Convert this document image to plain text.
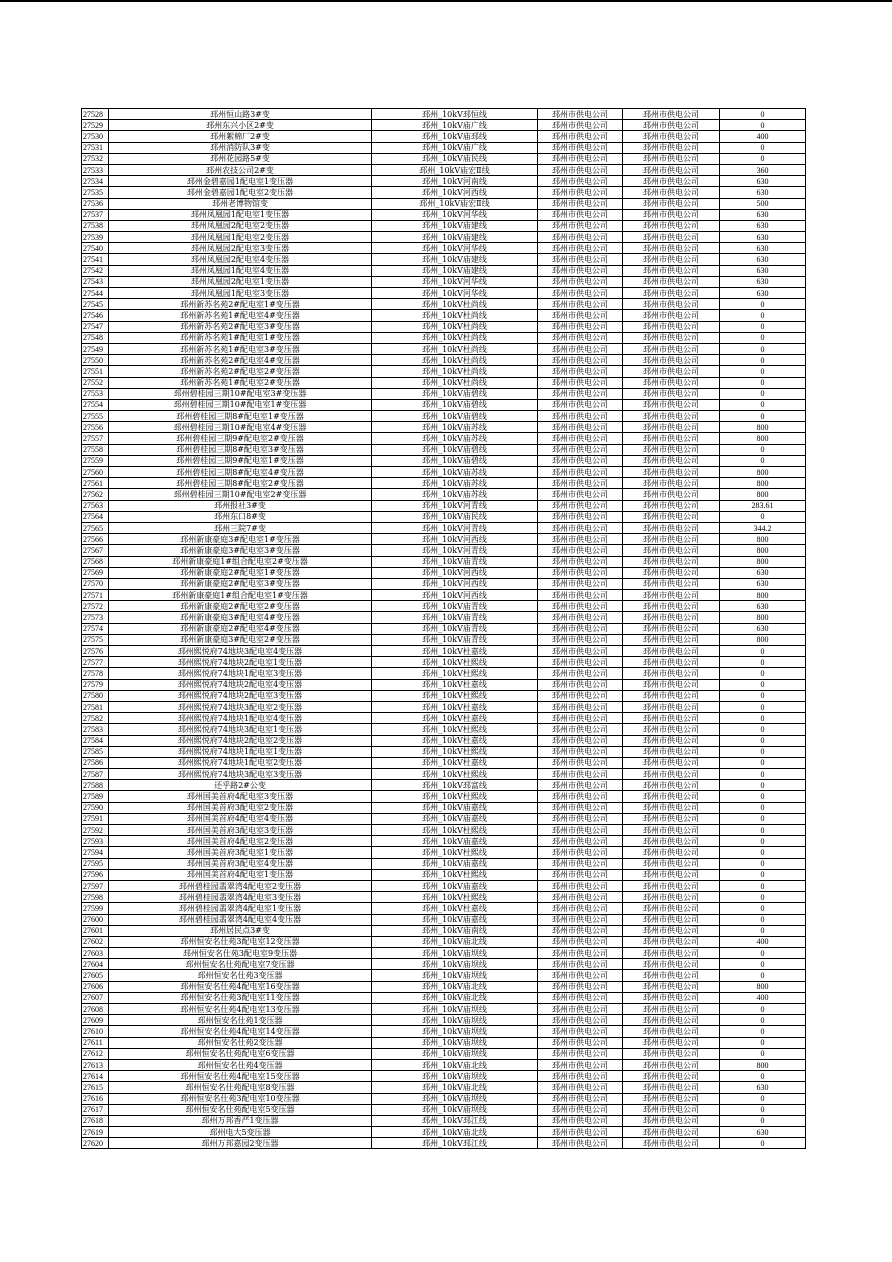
27528	邳州恒山路3#变	邳州_10kV邳恒线	邳州市供电公司	邳州市供电公司	0
27529	邳州东兴小区2#变	邳州_10kV庙广线	邳州市供电公司	邳州市供电公司	0
27530	邳州絮棉厂2#变	邳州_10kV庙邳线	邳州市供电公司	邳州市供电公司	400
27531	邳州消防队3#变	邳州_10kV庙广线	邳州市供电公司	邳州市供电公司	0
27532	邳州花园路5#变	邳州_10kV庙民线	邳州市供电公司	邳州市供电公司	0
27533	邳州农技公司2#变	邳州_10kV庙宏Ⅱ线	邳州市供电公司	邳州市供电公司	360
27534	邳州金碧嘉园1配电室1变压器	邳州_10kV河南线	邳州市供电公司	邳州市供电公司	630
27535	邳州金碧嘉园1配电室2变压器	邳州_10kV河西线	邳州市供电公司	邳州市供电公司	630
27536	邳州老博物馆变	邳州_10kV庙宏Ⅱ线	邳州市供电公司	邳州市供电公司	500
27537	邳州凤凰园1配电室1变压器	邳州_10kV河华线	邳州市供电公司	邳州市供电公司	630
27538	邳州凤凰园2配电室2变压器	邳州_10kV庙建线	邳州市供电公司	邳州市供电公司	630
27539	邳州凤凰园1配电室2变压器	邳州_10kV庙建线	邳州市供电公司	邳州市供电公司	630
27540	邳州凤凰园2配电室3变压器	邳州_10kV河华线	邳州市供电公司	邳州市供电公司	630
27541	邳州凤凰园2配电室4变压器	邳州_10kV庙建线	邳州市供电公司	邳州市供电公司	630
27542	邳州凤凰园1配电室4变压器	邳州_10kV庙建线	邳州市供电公司	邳州市供电公司	630
27543	邳州凤凰园2配电室1变压器	邳州_10kV河华线	邳州市供电公司	邳州市供电公司	630
27544	邳州凤凰园1配电室3变压器	邳州_10kV河华线	邳州市供电公司	邳州市供电公司	630
27545	邳州新苏名苑2#配电室1#变压器	邳州_10kV杜尚线	邳州市供电公司	邳州市供电公司	0
27546	邳州新苏名苑1#配电室4#变压器	邳州_10kV杜尚线	邳州市供电公司	邳州市供电公司	0
27547	邳州新苏名苑2#配电室3#变压器	邳州_10kV杜尚线	邳州市供电公司	邳州市供电公司	0
27548	邳州新苏名苑1#配电室1#变压器	邳州_10kV杜尚线	邳州市供电公司	邳州市供电公司	0
27549	邳州新苏名苑1#配电室3#变压器	邳州_10kV杜尚线	邳州市供电公司	邳州市供电公司	0
27550	邳州新苏名苑2#配电室4#变压器	邳州_10kV杜尚线	邳州市供电公司	邳州市供电公司	0
27551	邳州新苏名苑2#配电室2#变压器	邳州_10kV杜尚线	邳州市供电公司	邳州市供电公司	0
27552	邳州新苏名苑1#配电室2#变压器	邳州_10kV杜尚线	邳州市供电公司	邳州市供电公司	0
27553	邳州碧桂园三期10#配电室3#变压器	邳州_10kV庙碧线	邳州市供电公司	邳州市供电公司	0
27554	邳州碧桂园三期10#配电室1#变压器	邳州_10kV庙碧线	邳州市供电公司	邳州市供电公司	0
27555	邳州碧桂园三期8#配电室1#变压器	邳州_10kV庙碧线	邳州市供电公司	邳州市供电公司	0
27556	邳州碧桂园三期10#配电室4#变压器	邳州_10kV庙苏线	邳州市供电公司	邳州市供电公司	800
27557	邳州碧桂园三期9#配电室2#变压器	邳州_10kV庙苏线	邳州市供电公司	邳州市供电公司	800
27558	邳州碧桂园三期8#配电室3#变压器	邳州_10kV庙碧线	邳州市供电公司	邳州市供电公司	0
27559	邳州碧桂园三期9#配电室1#变压器	邳州_10kV庙碧线	邳州市供电公司	邳州市供电公司	0
27560	邳州碧桂园三期8#配电室4#变压器	邳州_10kV庙苏线	邳州市供电公司	邳州市供电公司	800
27561	邳州碧桂园三期8#配电室2#变压器	邳州_10kV庙苏线	邳州市供电公司	邳州市供电公司	800
27562	邳州碧桂园三期10#配电室2#变压器	邳州_10kV庙苏线	邳州市供电公司	邳州市供电公司	800
27563	邳州报社3#变	邳州_10kV河青线	邳州市供电公司	邳州市供电公司	283.61
27564	邳州东口8#变	邳州_10kV庙民线	邳州市供电公司	邳州市供电公司	0
27565	邳州三院7#变	邳州_10kV河青线	邳州市供电公司	邳州市供电公司	344.2
27566	邳州新康豪庭3#配电室1#变压器	邳州_10kV河西线	邳州市供电公司	邳州市供电公司	800
27567	邳州新康豪庭3#配电室3#变压器	邳州_10kV河青线	邳州市供电公司	邳州市供电公司	800
27568	邳州新康豪庭1#组合配电室2#变压器	邳州_10kV庙青线	邳州市供电公司	邳州市供电公司	800
27569	邳州新康豪庭2#配电室1#变压器	邳州_10kV河西线	邳州市供电公司	邳州市供电公司	630
27570	邳州新康豪庭2#配电室3#变压器	邳州_10kV河西线	邳州市供电公司	邳州市供电公司	630
27571	邳州新康豪庭1#组合配电室1#变压器	邳州_10kV河西线	邳州市供电公司	邳州市供电公司	800
27572	邳州新康豪庭2#配电室2#变压器	邳州_10kV庙青线	邳州市供电公司	邳州市供电公司	630
27573	邳州新康豪庭3#配电室4#变压器	邳州_10kV庙青线	邳州市供电公司	邳州市供电公司	800
27574	邳州新康豪庭2#配电室4#变压器	邳州_10kV庙青线	邳州市供电公司	邳州市供电公司	630
27575	邳州新康豪庭3#配电室2#变压器	邳州_10kV庙青线	邳州市供电公司	邳州市供电公司	800
27576	邳州熙悦府74地块3配电室4变压器	邳州_10kV杜嘉线	邳州市供电公司	邳州市供电公司	0
27577	邳州熙悦府74地块2配电室1变压器	邳州_10kV杜熙线	邳州市供电公司	邳州市供电公司	0
27578	邳州熙悦府74地块1配电室3变压器	邳州_10kV杜熙线	邳州市供电公司	邳州市供电公司	0
27579	邳州熙悦府74地块2配电室4变压器	邳州_10kV杜嘉线	邳州市供电公司	邳州市供电公司	0
27580	邳州熙悦府74地块2配电室3变压器	邳州_10kV杜熙线	邳州市供电公司	邳州市供电公司	0
27581	邳州熙悦府74地块3配电室2变压器	邳州_10kV杜嘉线	邳州市供电公司	邳州市供电公司	0
27582	邳州熙悦府74地块1配电室4变压器	邳州_10kV杜嘉线	邳州市供电公司	邳州市供电公司	0
27583	邳州熙悦府74地块3配电室1变压器	邳州_10kV杜熙线	邳州市供电公司	邳州市供电公司	0
27584	邳州熙悦府74地块2配电室2变压器	邳州_10kV杜嘉线	邳州市供电公司	邳州市供电公司	0
27585	邳州熙悦府74地块1配电室1变压器	邳州_10kV杜熙线	邳州市供电公司	邳州市供电公司	0
27586	邳州熙悦府74地块1配电室2变压器	邳州_10kV杜嘉线	邳州市供电公司	邳州市供电公司	0
27587	邳州熙悦府74地块3配电室3变压器	邳州_10kV杜熙线	邳州市供电公司	邳州市供电公司	0
27588	还乎路2#公变	邳州_10kV邳富线	邳州市供电公司	邳州市供电公司	0
27589	邳州国美首府4配电室3变压器	邳州_10kV杜熙线	邳州市供电公司	邳州市供电公司	0
27590	邳州国美首府3配电室2变压器	邳州_10kV庙嘉线	邳州市供电公司	邳州市供电公司	0
27591	邳州国美首府4配电室4变压器	邳州_10kV庙嘉线	邳州市供电公司	邳州市供电公司	0
27592	邳州国美首府3配电室3变压器	邳州_10kV杜熙线	邳州市供电公司	邳州市供电公司	0
27593	邳州国美首府4配电室2变压器	邳州_10kV庙嘉线	邳州市供电公司	邳州市供电公司	0
27594	邳州国美首府3配电室1变压器	邳州_10kV杜熙线	邳州市供电公司	邳州市供电公司	0
27595	邳州国美首府3配电室4变压器	邳州_10kV庙嘉线	邳州市供电公司	邳州市供电公司	0
27596	邳州国美首府4配电室1变压器	邳州_10kV杜熙线	邳州市供电公司	邳州市供电公司	0
27597	邳州碧桂园翡翠湾4配电室2变压器	邳州_10kV庙嘉线	邳州市供电公司	邳州市供电公司	0
27598	邳州碧桂园翡翠湾4配电室3变压器	邳州_10kV杜熙线	邳州市供电公司	邳州市供电公司	0
27599	邳州碧桂园翡翠湾4配电室1变压器	邳州_10kV杜嘉线	邳州市供电公司	邳州市供电公司	0
27600	邳州碧桂园翡翠湾4配电室4变压器	邳州_10kV庙嘉线	邳州市供电公司	邳州市供电公司	0
27601	邳州居民点3#变	邳州_10kV庙南线	邳州市供电公司	邳州市供电公司	0
27602	邳州恒安名仕苑3配电室12变压器	邳州_10kV庙北线	邳州市供电公司	邳州市供电公司	400
27603	邳州恒安名仕苑3配电室9变压器	邳州_10kV庙坝线	邳州市供电公司	邳州市供电公司	0
27604	邳州恒安名仕苑配电室7变压器	邳州_10kV庙坝线	邳州市供电公司	邳州市供电公司	0
27605	邳州恒安名仕苑3变压器	邳州_10kV庙坝线	邳州市供电公司	邳州市供电公司	0
27606	邳州恒安名仕苑4配电室16变压器	邳州_10kV庙北线	邳州市供电公司	邳州市供电公司	800
27607	邳州恒安名仕苑3配电室11变压器	邳州_10kV庙北线	邳州市供电公司	邳州市供电公司	400
27608	邳州恒安名仕苑4配电室13变压器	邳州_10kV庙坝线	邳州市供电公司	邳州市供电公司	0
27609	邳州恒安名仕苑1变压器	邳州_10kV庙坝线	邳州市供电公司	邳州市供电公司	0
27610	邳州恒安名仕苑4配电室14变压器	邳州_10kV庙坝线	邳州市供电公司	邳州市供电公司	0
27611	邳州恒安名仕苑2变压器	邳州_10kV庙坝线	邳州市供电公司	邳州市供电公司	0
27612	邳州恒安名仕苑配电室6变压器	邳州_10kV庙坝线	邳州市供电公司	邳州市供电公司	0
27613	邳州恒安名仕苑4变压器	邳州_10kV庙北线	邳州市供电公司	邳州市供电公司	800
27614	邳州恒安名仕苑4配电室15变压器	邳州_10kV庙坝线	邳州市供电公司	邳州市供电公司	0
27615	邳州恒安名仕苑配电室8变压器	邳州_10kV庙北线	邳州市供电公司	邳州市供电公司	630
27616	邳州恒安名仕苑3配电室10变压器	邳州_10kV庙坝线	邳州市供电公司	邳州市供电公司	0
27617	邳州恒安名仕苑配电室5变压器	邳州_10kV庙坝线	邳州市供电公司	邳州市供电公司	0
27618	邳州万邦香严1变压器	邳州_10kV邳江线	邳州市供电公司	邳州市供电公司	0
27619	邳州电大5变压器	邳州_10kV庙北线	邳州市供电公司	邳州市供电公司	630
27620	邳州万邦嘉园2变压器	邳州_10kV邳江线	邳州市供电公司	邳州市供电公司	0
